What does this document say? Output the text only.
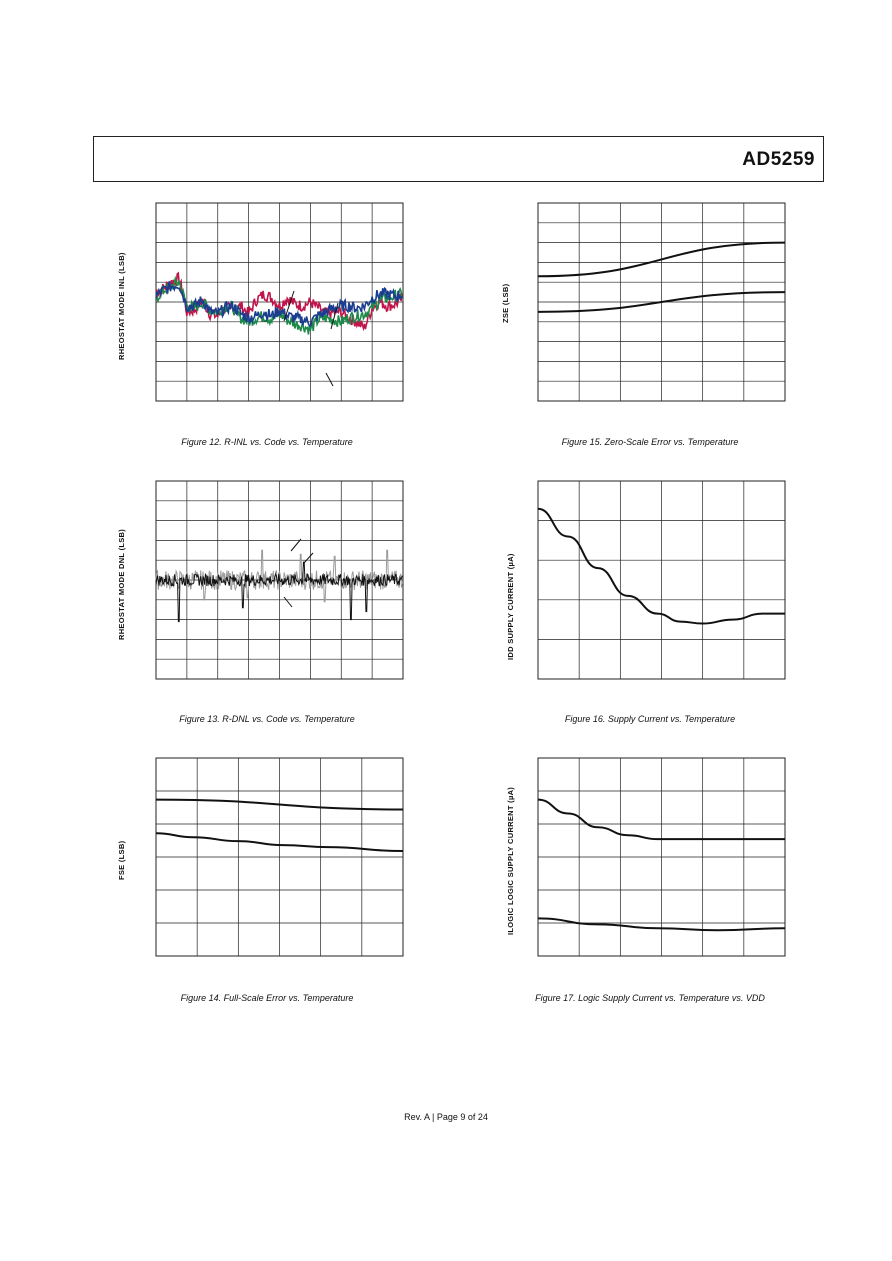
AD5259
RHEOSTAT MODE INL (LSB)
Figure 12. R-INL vs. Code vs. Temperature
RHEOSTAT MODE DNL (LSB)
Figure 13. R-DNL vs. Code vs. Temperature
FSE (LSB)
Figure 14. Full-Scale Error vs. Temperature
ZSE (LSB)
Figure 15. Zero-Scale Error vs. Temperature
IDD SUPPLY CURRENT (µA)
Figure 16. Supply Current vs. Temperature
ILOGIC LOGIC SUPPLY CURRENT (µA)
Figure 17. Logic Supply Current vs. Temperature vs. VDD
Rev. A | Page 9 of 24
